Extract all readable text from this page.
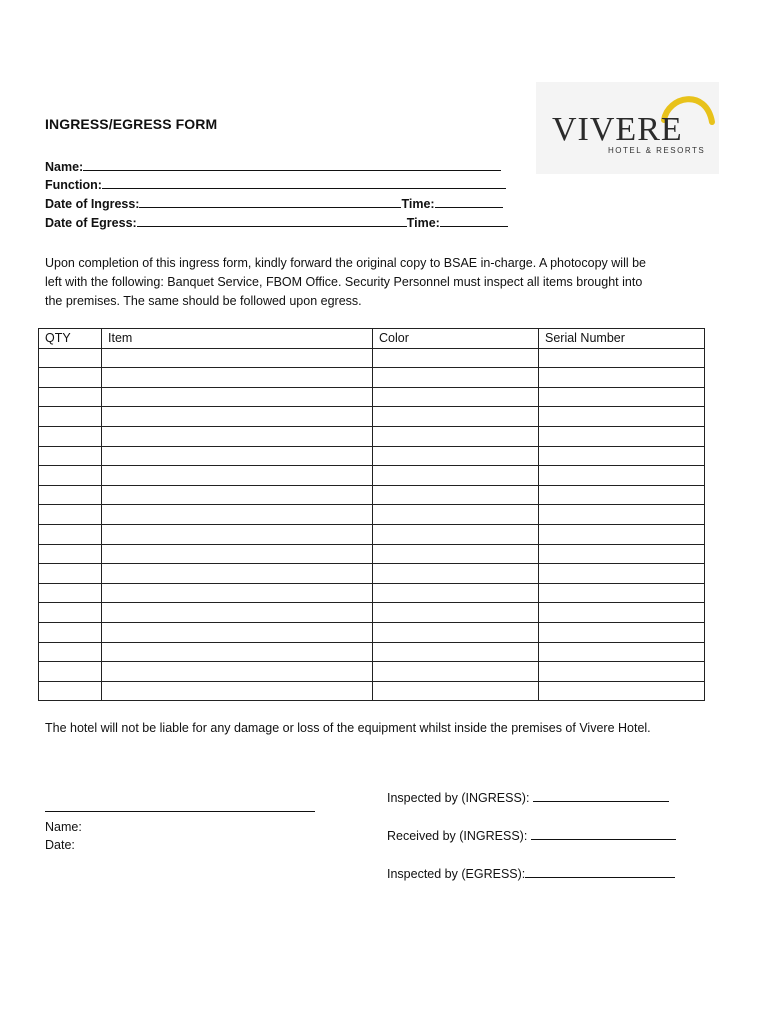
VIVERE
HOTEL & RESORTS
INGRESS/EGRESS FORM
Name:
Function:
Date of Ingress:	Time:
Date of Egress:	Time:

Upon completion of this ingress form, kindly forward the original copy to BSAE in-charge. A photocopy will be

left with the following: Banquet Service, FBOM Office. Security Personnel must inspect all items brought into

the premises. The same should be followed upon egress.

QTY	Item	Color	Serial Number

The hotel will not be liable for any damage or loss of the equipment whilst inside the premises of Vivere Hotel.
Name:
Date:
Inspected by (INGRESS):
Received by (INGRESS):
Inspected by (EGRESS):
